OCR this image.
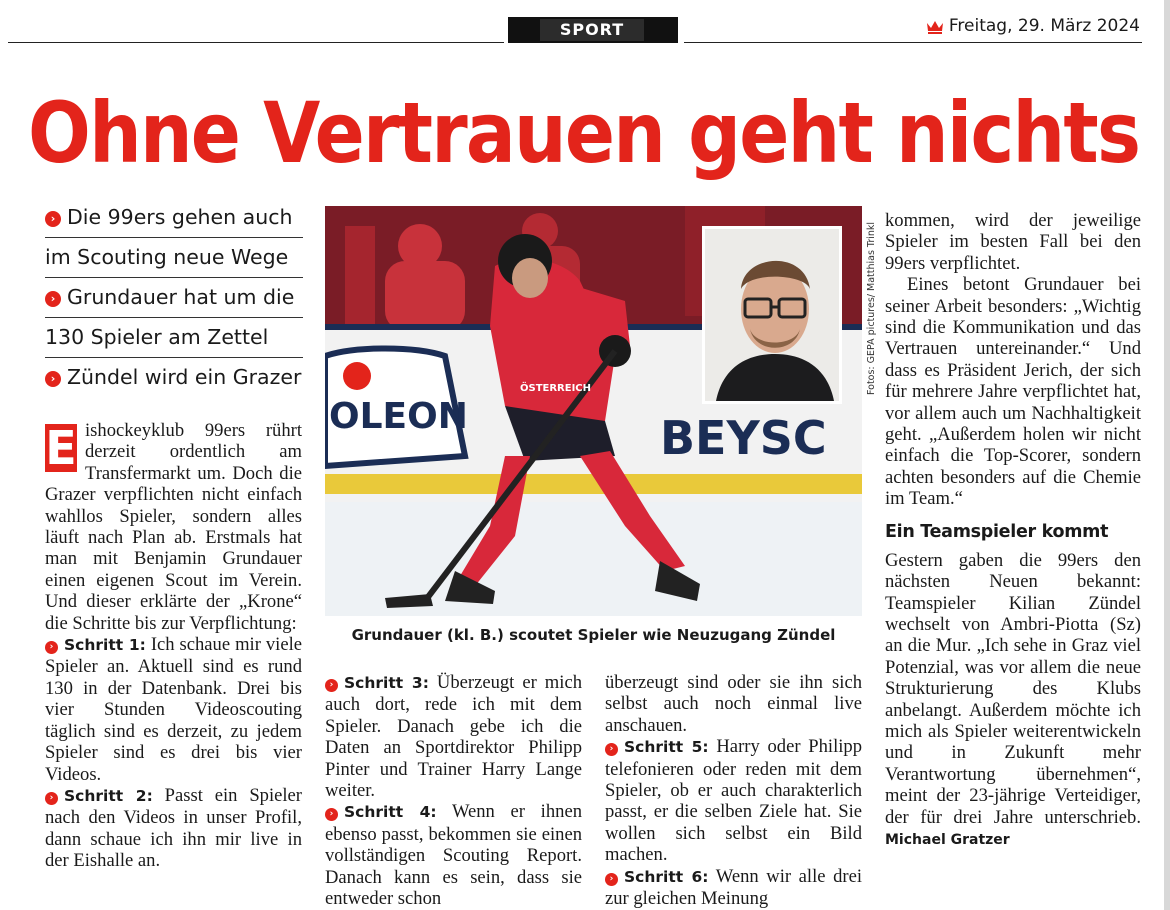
SPORT	Freitag, 29. März 2024
Ohne Vertrauen geht nichts
› Die 99ers gehen auch
im Scouting neue Wege
› Grundauer hat um die
130 Spieler am Zettel
› Zündel wird ein Grazer
E ishockeyklub 99ers rührt derzeit ordentlich am Transfermarkt um. Doch die Grazer verpflichten nicht einfach wahllos Spieler, sondern alles läuft nach Plan ab. Erstmals hat man mit Benjamin Grundauer einen eigenen Scout im Verein. Und dieser erklärte der „Krone“ die Schritte bis zur Verpflichtung:

› Schritt 1: Ich schaue mir viele Spieler an. Aktuell sind es rund 130 in der Datenbank. Drei bis vier Stunden Videoscouting täglich sind es derzeit, zu jedem Spieler sind es drei bis vier Videos.

› Schritt 2: Passt ein Spieler nach den Videos in unser Profil, dann schaue ich ihn mir live in der Eishalle an.

OLEON	BEYSC
ÖSTERREICH	Fotos: GEPA pictures/ Matthias Trinkl
Grundauer (kl. B.) scoutet Spieler wie Neuzugang Zündel

› Schritt 3: Überzeugt er mich auch dort, rede ich mit dem Spieler. Danach gebe ich die Daten an Sportdirektor Philipp Pinter und Trainer Harry Lange weiter.

› Schritt 4: Wenn er ihnen ebenso passt, bekommen sie einen vollständigen Scouting Report. Danach kann es sein, dass sie entweder schon

überzeugt sind oder sie ihn sich selbst auch noch einmal live anschauen.

› Schritt 5: Harry oder Philipp telefonieren oder reden mit dem Spieler, ob er auch charakterlich passt, er die selben Ziele hat. Sie wollen sich selbst ein Bild machen.

› Schritt 6: Wenn wir alle drei zur gleichen Meinung

kommen, wird der jeweilige Spieler im besten Fall bei den 99ers verpflichtet.

Eines betont Grundauer bei seiner Arbeit besonders: „Wichtig sind die Kommunikation und das Vertrauen untereinander.“ Und dass es Präsident Jerich, der sich für mehrere Jahre verpflichtet hat, vor allem auch um Nachhaltigkeit geht. „Außerdem holen wir nicht einfach die Top-Scorer, sondern achten besonders auf die Chemie im Team.“

Ein Teamspieler kommt

Gestern gaben die 99ers den nächsten Neuen bekannt: Teamspieler Kilian Zündel wechselt von Ambri-Piotta (Sz) an die Mur. „Ich sehe in Graz viel Potenzial, was vor allem die neue Strukturierung des Klubs anbelangt. Außerdem möchte ich mich als Spieler weiterentwickeln und in Zukunft mehr Verantwortung übernehmen“, meint der 23-jährige Verteidiger, der für drei Jahre unterschrieb. Michael Gratzer
